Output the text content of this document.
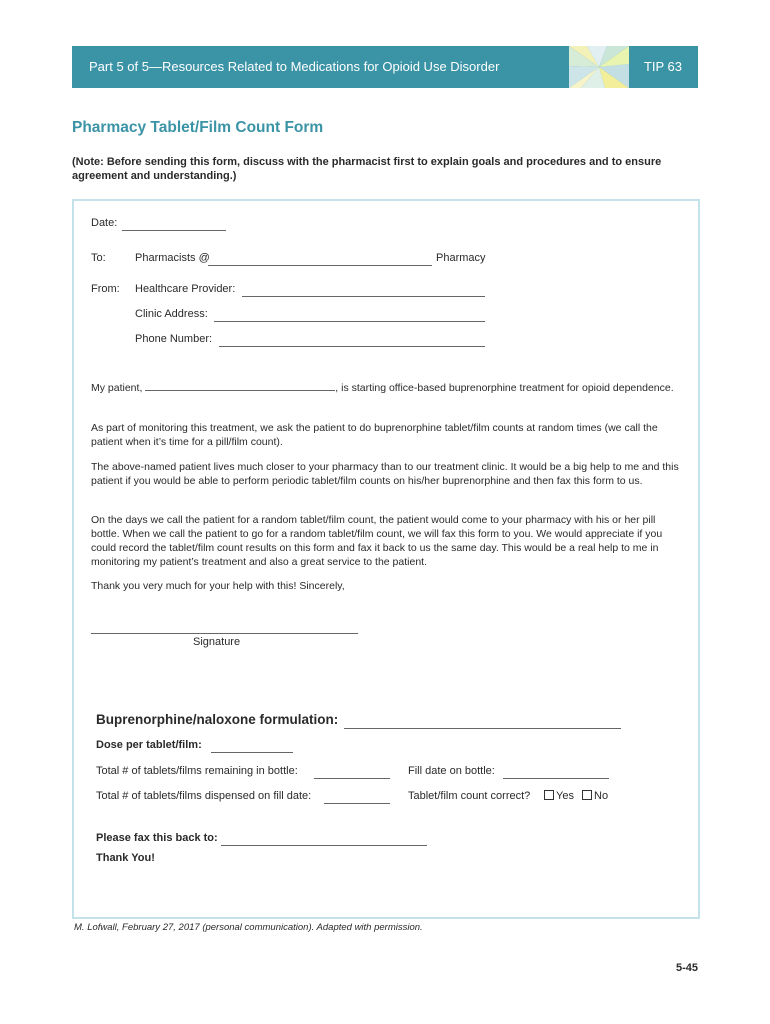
Part 5 of 5—Resources Related to Medications for Opioid Use Disorder	TIP 63
Pharmacy Tablet/Film Count Form
(Note: Before sending this form, discuss with the pharmacist first to explain goals and procedures and to ensure agreement and understanding.)
Date:
To:	Pharmacists @	Pharmacy
From: Healthcare Provider:
Clinic Address:
Phone Number:
My patient,	, is starting office-based buprenorphine treatment for opioid dependence.
As part of monitoring this treatment, we ask the patient to do buprenorphine tablet/film counts at random times (we call the patient when it’s time for a pill/film count).
The above-named patient lives much closer to your pharmacy than to our treatment clinic. It would be a big help to me and this patient if you would be able to perform periodic tablet/film counts on his/her buprenorphine and then fax this form to us.
On the days we call the patient for a random tablet/film count, the patient would come to your pharmacy with his or her pill bottle. When we call the patient to go for a random tablet/film count, we will fax this form to you. We would appreciate if you could record the tablet/film count results on this form and fax it back to us the same day. This would be a real help to me in monitoring my patient’s treatment and also a great service to the patient.
Thank you very much for your help with this! Sincerely,
Signature
Buprenorphine/naloxone formulation:
Dose per tablet/film:
Total # of tablets/films remaining in bottle:	Fill date on bottle:
Total # of tablets/films dispensed on fill date:	Tablet/film count correct?	Yes	No
Please fax this back to:
Thank You!
M. Lofwall, February 27, 2017 (personal communication). Adapted with permission.
5-45
